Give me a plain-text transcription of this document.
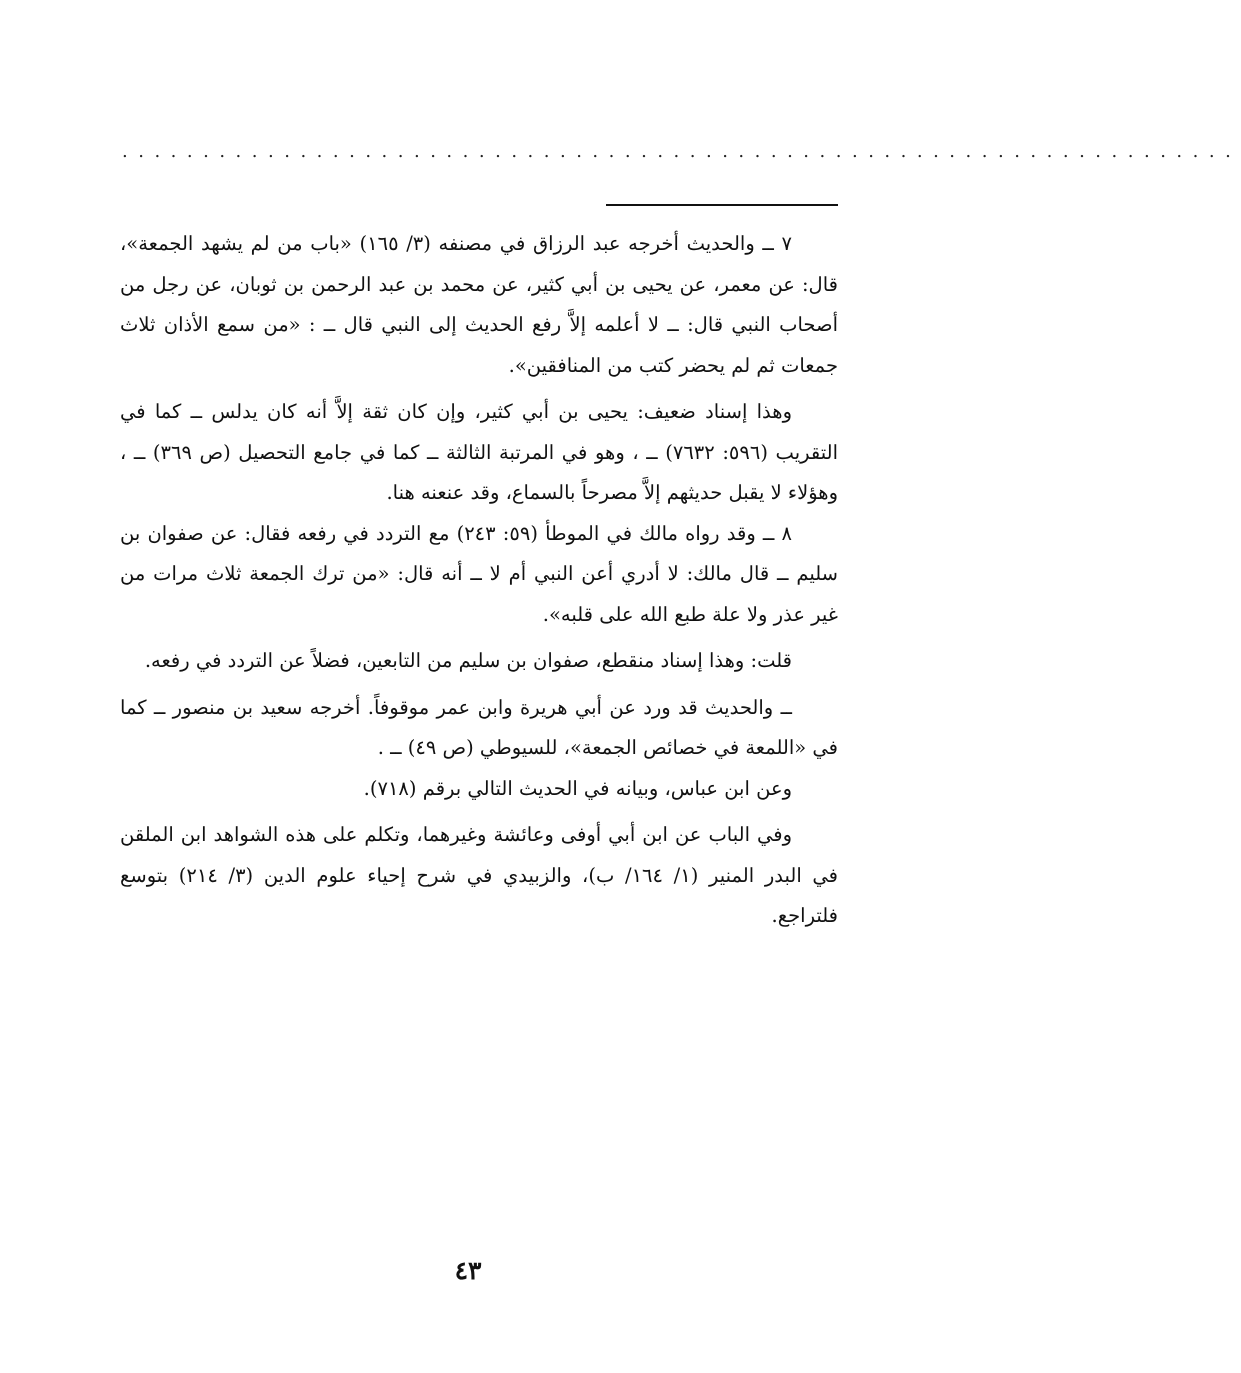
.....................................................................

٧ ــ والحديث أخرجه عبد الرزاق في مصنفه (٣/ ١٦٥) «باب من لم يشهد الجمعة»، قال: عن معمر، عن يحيى بن أبي كثير، عن محمد بن عبد الرحمن بن ثوبان، عن رجل من أصحاب النبي قال: ــ لا أعلمه إلاَّ رفع الحديث إلى النبي قال ــ : «من سمع الأذان ثلاث جمعات ثم لم يحضر كتب من المنافقين».

وهذا إسناد ضعيف: يحيى بن أبي كثير، وإن كان ثقة إلاَّ أنه كان يدلس ــ كما في التقريب (٥٩٦: ٧٦٣٢) ــ ، وهو في المرتبة الثالثة ــ كما في جامع التحصيل (ص ٣٦٩) ــ ، وهؤلاء لا يقبل حديثهم إلاَّ مصرحاً بالسماع، وقد عنعنه هنا.

٨ ــ وقد رواه مالك في الموطأ (٥٩: ٢٤٣) مع التردد في رفعه فقال: عن صفوان بن سليم ــ قال مالك: لا أدري أعن النبي أم لا ــ أنه قال: «من ترك الجمعة ثلاث مرات من غير عذر ولا علة طبع الله على قلبه».

قلت: وهذا إسناد منقطع، صفوان بن سليم من التابعين، فضلاً عن التردد في رفعه.

ــ والحديث قد ورد عن أبي هريرة وابن عمر موقوفاً. أخرجه سعيد بن منصور ــ كما في «اللمعة في خصائص الجمعة»، للسيوطي (ص ٤٩) ــ .

وعن ابن عباس، وبيانه في الحديث التالي برقم (٧١٨).

وفي الباب عن ابن أبي أوفى وعائشة وغيرهما، وتكلم على هذه الشواهد ابن الملقن في البدر المنير (١/ ١٦٤/ ب)، والزبيدي في شرح إحياء علوم الدين (٣/ ٢١٤) بتوسع فلتراجع.

٤٣
